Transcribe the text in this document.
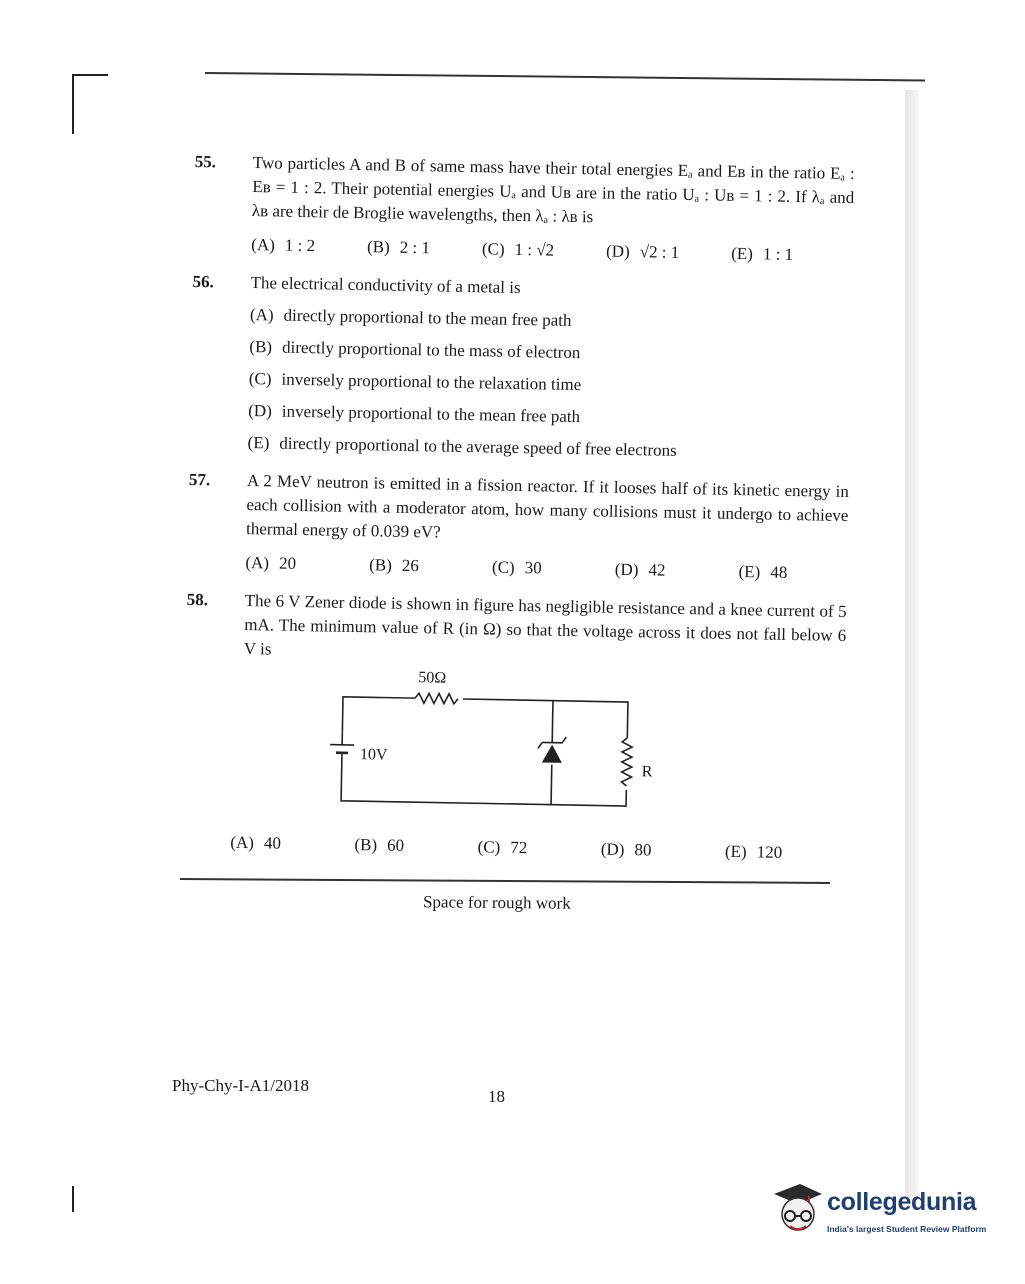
55. Two particles A and B of same mass have their total energies Eₐ and Eʙ in the ratio Eₐ : Eʙ = 1 : 2. Their potential energies Uₐ and Uʙ are in the ratio Uₐ : Uʙ = 1 : 2. If λₐ and λʙ are their de Broglie wavelengths, then λₐ : λʙ is
(A) 1 : 2	(B) 2 : 1	(C) 1 : √2	(D) √2 : 1	(E) 1 : 1
56. The electrical conductivity of a metal is
(A) directly proportional to the mean free path
(B) directly proportional to the mass of electron
(C) inversely proportional to the relaxation time
(D) inversely proportional to the mean free path
(E) directly proportional to the average speed of free electrons
57. A 2 MeV neutron is emitted in a fission reactor. If it looses half of its kinetic energy in each collision with a moderator atom, how many collisions must it undergo to achieve thermal energy of 0.039 eV?
(A) 20	(B) 26	(C) 30	(D) 42	(E) 48
58. The 6 V Zener diode is shown in figure has negligible resistance and a knee current of 5 mA. The minimum value of R (in Ω) so that the voltage across it does not fall below 6 V is
50Ω
10V
R
(A) 40	(B) 60	(C) 72	(D) 80	(E) 120
Space for rough work
Phy-Chy-I-A1/2018
18
collegedunia
India's largest Student Review Platform
